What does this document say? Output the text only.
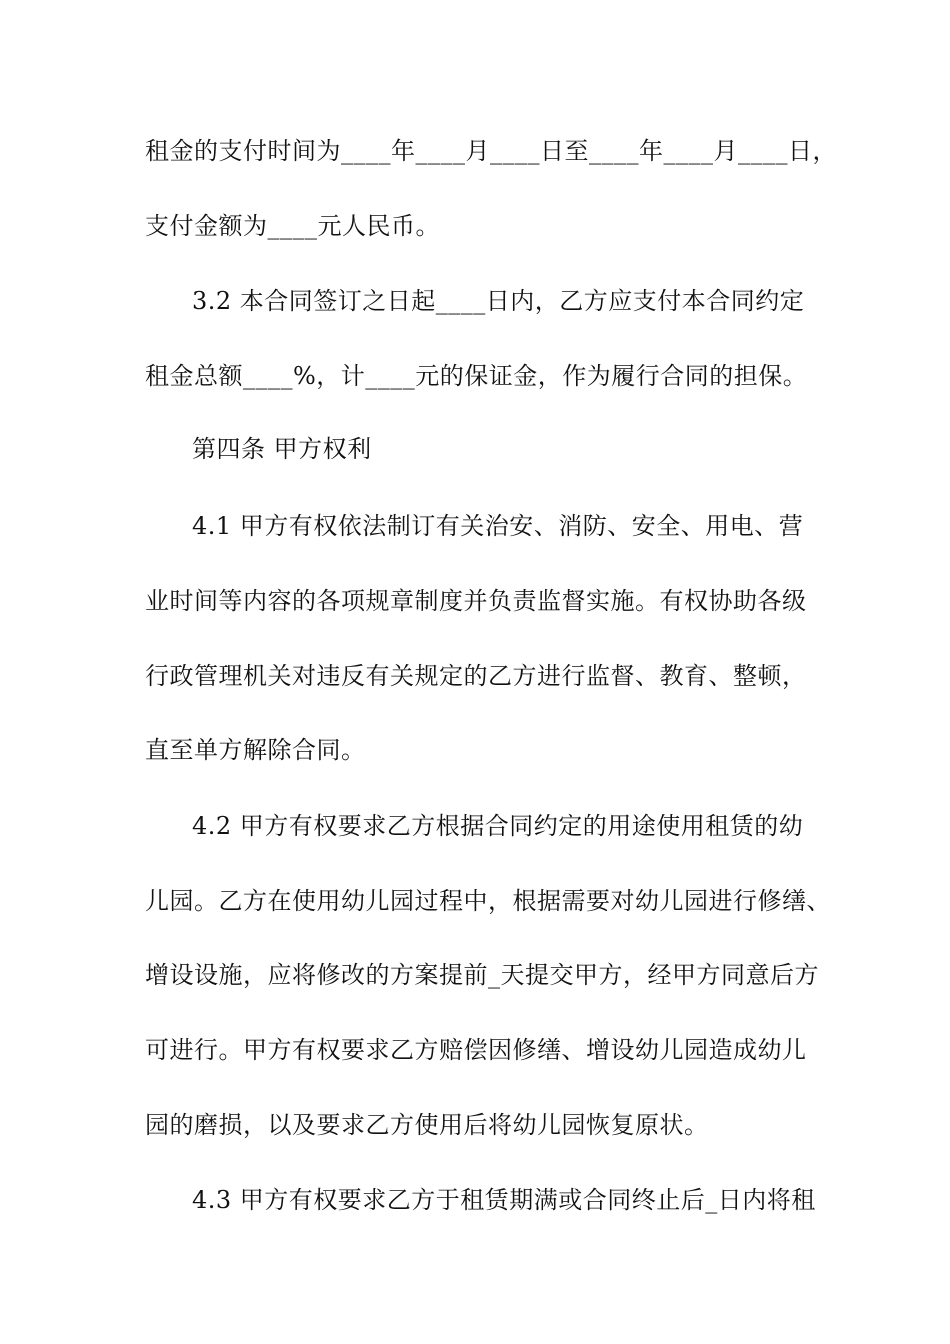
租金的支付时间为____年____月____日至____年____月____日，
支付金额为____元人民币。
3.2 本合同签订之日起____日内，乙方应支付本合同约定
租金总额____%，计____元的保证金，作为履行合同的担保。
第四条 甲方权利
4.1 甲方有权依法制订有关治安、消防、安全、用电、营
业时间等内容的各项规章制度并负责监督实施。有权协助各级
行政管理机关对违反有关规定的乙方进行监督、教育、整顿，
直至单方解除合同。
4.2 甲方有权要求乙方根据合同约定的用途使用租赁的幼
儿园。乙方在使用幼儿园过程中，根据需要对幼儿园进行修缮、
增设设施，应将修改的方案提前_天提交甲方，经甲方同意后方
可进行。甲方有权要求乙方赔偿因修缮、增设幼儿园造成幼儿
园的磨损，以及要求乙方使用后将幼儿园恢复原状。
4.3 甲方有权要求乙方于租赁期满或合同终止后_日内将租
